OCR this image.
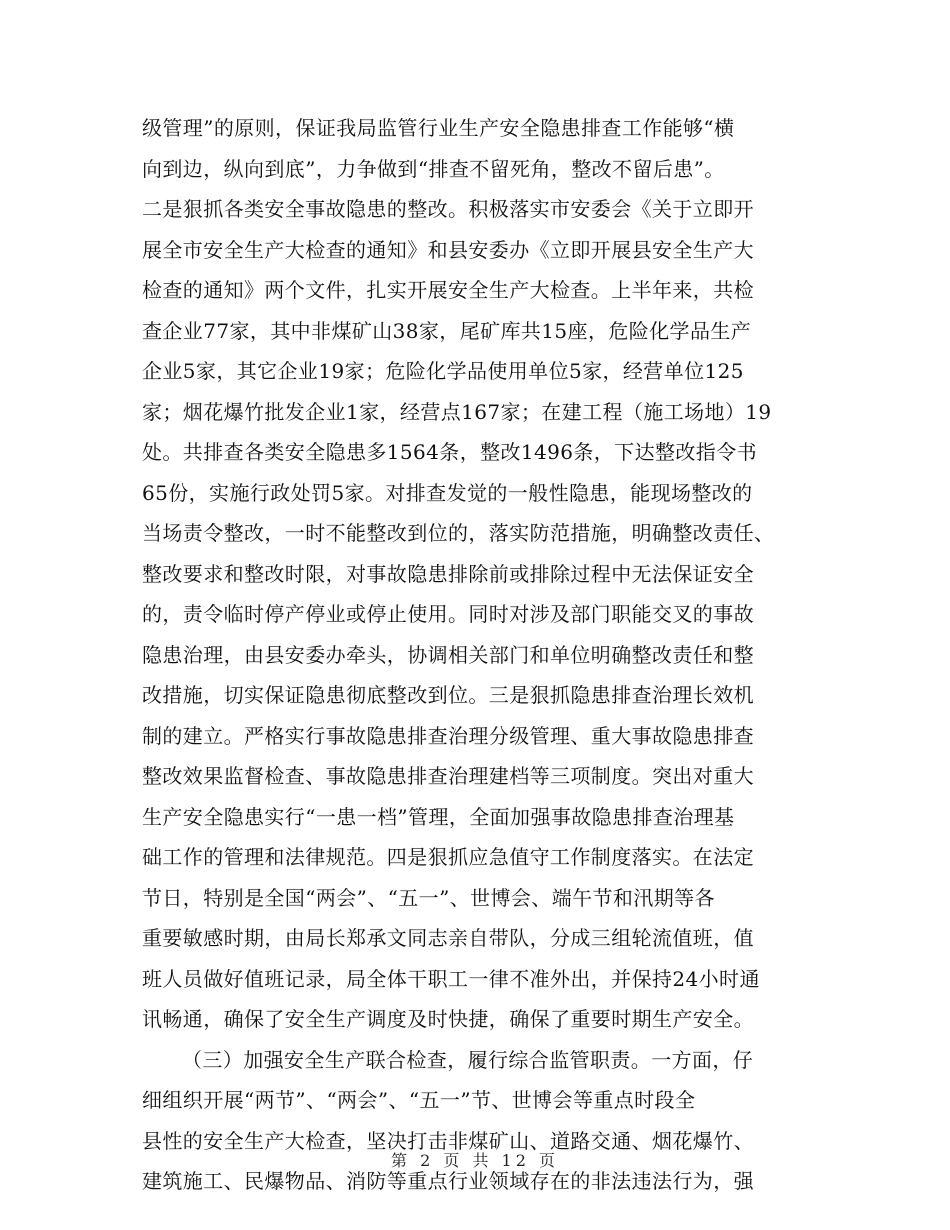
级管理”的原则，保证我局监管行业生产安全隐患排查工作能够“横
向到边，纵向到底”，力争做到“排查不留死角，整改不留后患”。
二是狠抓各类安全事故隐患的整改。积极落实市安委会《关于立即开
展全市安全生产大检查的通知》和县安委办《立即开展县安全生产大
检查的通知》两个文件，扎实开展安全生产大检查。上半年来，共检
查企业77家，其中非煤矿山38家，尾矿库共15座，危险化学品生产
企业5家，其它企业19家；危险化学品使用单位5家，经营单位125
家；烟花爆竹批发企业1家，经营点167家；在建工程（施工场地）19
处。共排查各类安全隐患多1564条，整改1496条，下达整改指令书
65份，实施行政处罚5家。对排查发觉的一般性隐患，能现场整改的
当场责令整改，一时不能整改到位的，落实防范措施，明确整改责任、
整改要求和整改时限，对事故隐患排除前或排除过程中无法保证安全
的，责令临时停产停业或停止使用。同时对涉及部门职能交叉的事故
隐患治理，由县安委办牵头，协调相关部门和单位明确整改责任和整
改措施，切实保证隐患彻底整改到位。三是狠抓隐患排查治理长效机
制的建立。严格实行事故隐患排查治理分级管理、重大事故隐患排查
整改效果监督检查、事故隐患排查治理建档等三项制度。突出对重大
生产安全隐患实行“一患一档”管理，全面加强事故隐患排查治理基
础工作的管理和法律规范。四是狠抓应急值守工作制度落实。在法定
节日，特别是全国“两会”、“五一”、世博会、端午节和汛期等各
重要敏感时期，由局长郑承文同志亲自带队，分成三组轮流值班，值
班人员做好值班记录，局全体干职工一律不准外出，并保持24小时通
讯畅通，确保了安全生产调度及时快捷，确保了重要时期生产安全。
（三）加强安全生产联合检查，履行综合监管职责。一方面，仔
细组织开展“两节”、“两会”、“五一”节、世博会等重点时段全
县性的安全生产大检查，坚决打击非煤矿山、道路交通、烟花爆竹、
建筑施工、民爆物品、消防等重点行业领域存在的非法违法行为，强
第 2 页 共 12 页
